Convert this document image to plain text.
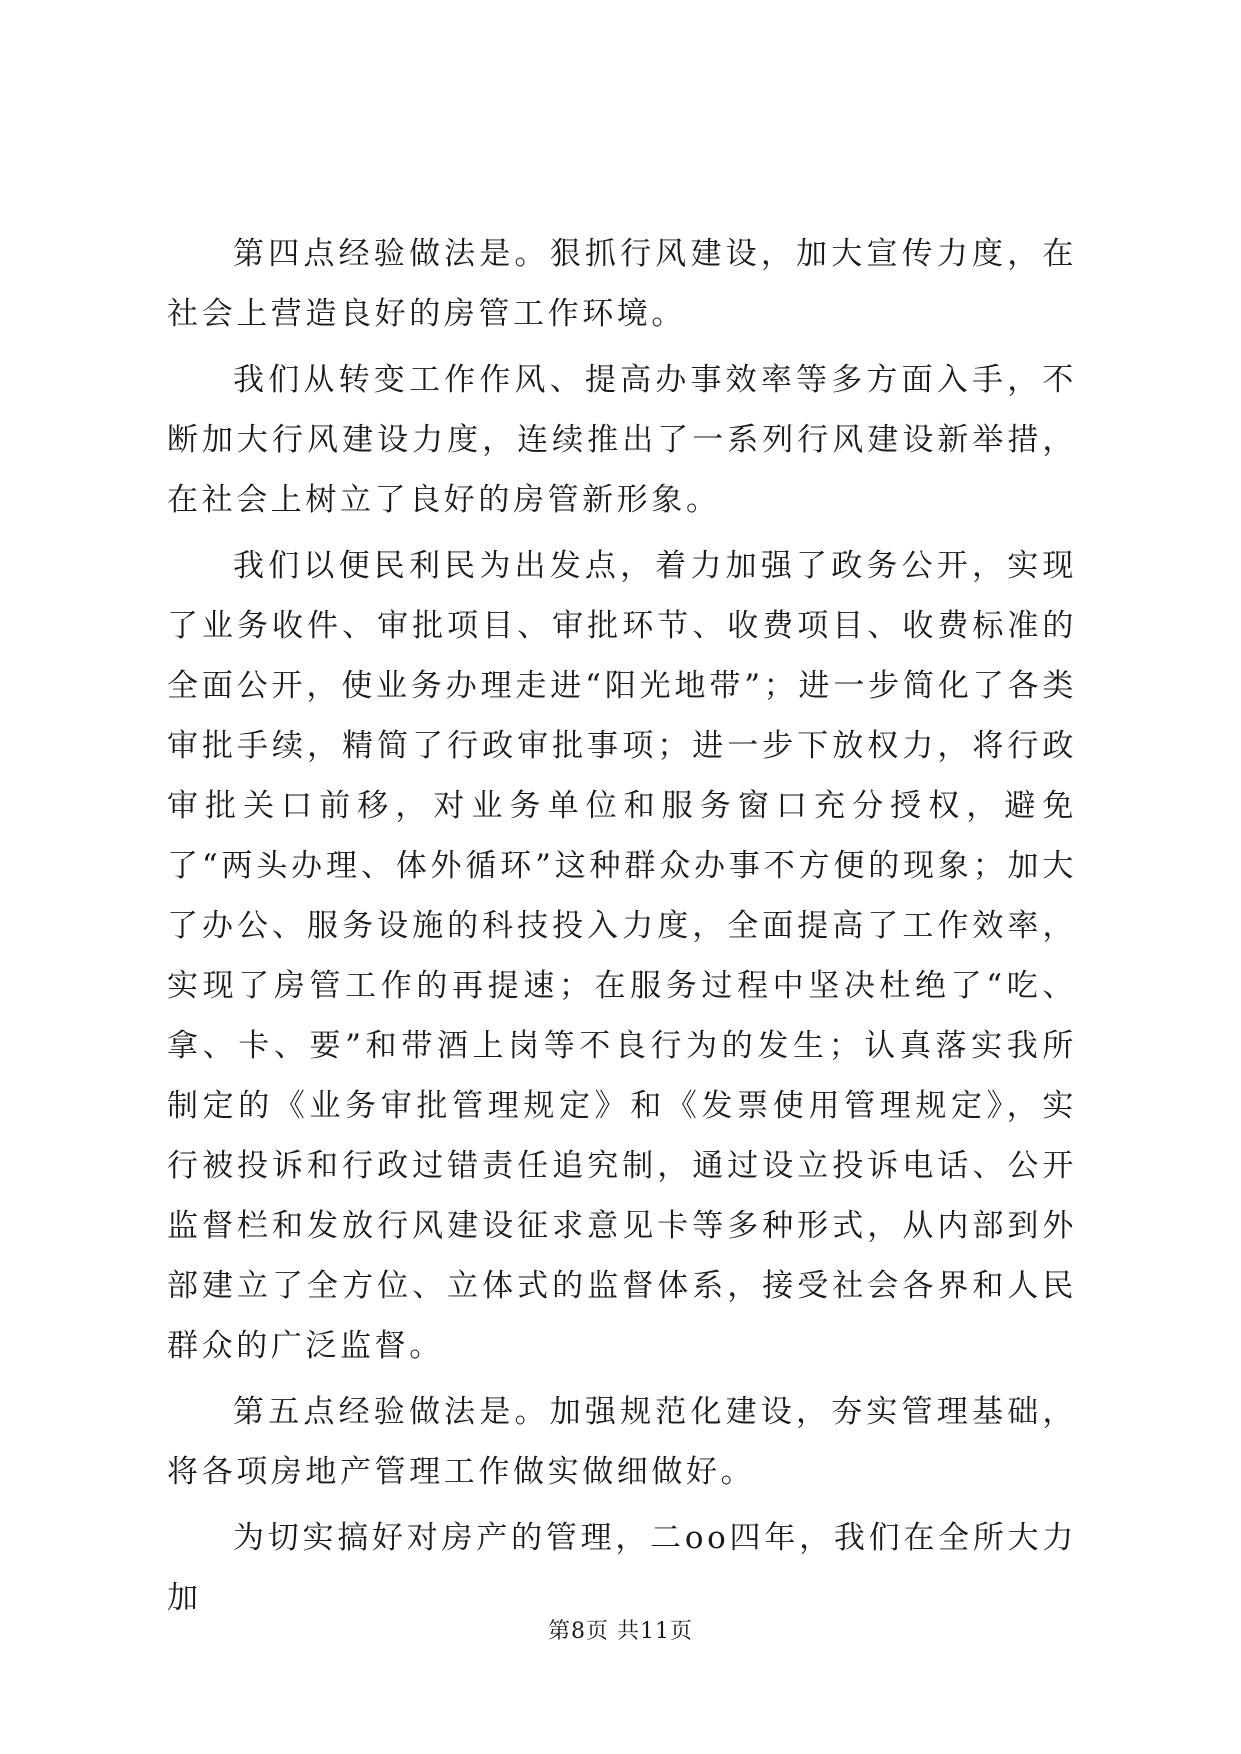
第四点经验做法是。狠抓行风建设，加大宣传力度，在社会上营造良好的房管工作环境。

我们从转变工作作风、提高办事效率等多方面入手，不断加大行风建设力度，连续推出了一系列行风建设新举措，在社会上树立了良好的房管新形象。

我们以便民利民为出发点，着力加强了政务公开，实现了业务收件、审批项目、审批环节、收费项目、收费标准的全面公开，使业务办理走进“阳光地带”；进一步简化了各类审批手续，精简了行政审批事项；进一步下放权力，将行政审批关口前移，对业务单位和服务窗口充分授权，避免了“两头办理、体外循环”这种群众办事不方便的现象；加大了办公、服务设施的科技投入力度，全面提高了工作效率，实现了房管工作的再提速；在服务过程中坚决杜绝了“吃、拿、卡、要”和带酒上岗等不良行为的发生；认真落实我所制定的《业务审批管理规定》和《发票使用管理规定》，实行被投诉和行政过错责任追究制，通过设立投诉电话、公开监督栏和发放行风建设征求意见卡等多种形式，从内部到外部建立了全方位、立体式的监督体系，接受社会各界和人民群众的广泛监督。

第五点经验做法是。加强规范化建设，夯实管理基础，将各项房地产管理工作做实做细做好。

为切实搞好对房产的管理，二oo四年，我们在全所大力加

第8页 共11页
